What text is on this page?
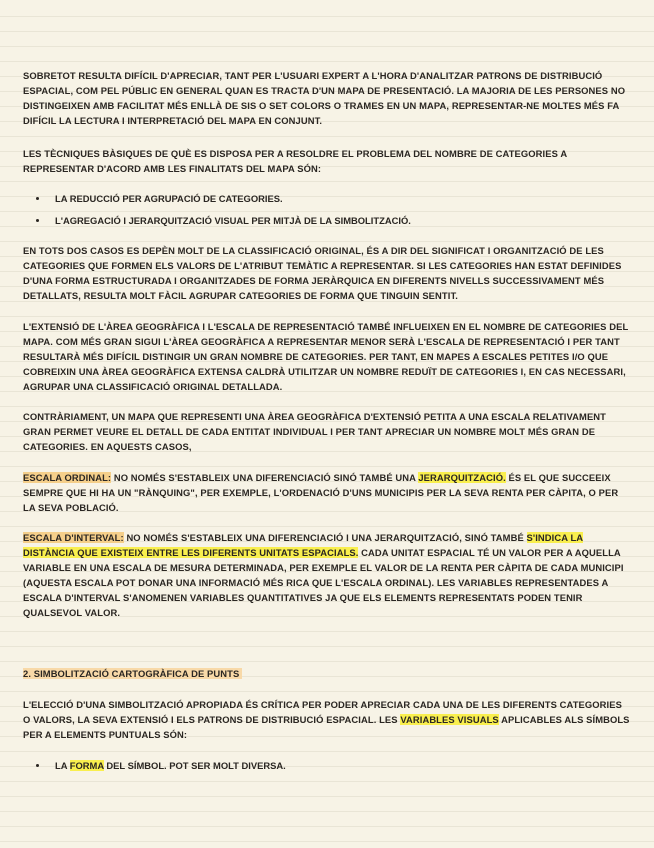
SOBRETOT RESULTA DIFÍCIL D'APRECIAR, TANT PER L'USUARI EXPERT A L'HORA D'ANALITZAR PATRONS DE DISTRIBUCIÓ ESPACIAL, COM PEL PÚBLIC EN GENERAL QUAN ES TRACTA D'UN MAPA DE PRESENTACIÓ. LA MAJORIA DE LES PERSONES NO DISTINGEIXEN AMB FACILITAT MÉS ENLLÀ DE SIS O SET COLORS O TRAMES EN UN MAPA, REPRESENTAR-NE MOLTES MÉS FA DIFÍCIL LA LECTURA I INTERPRETACIÓ DEL MAPA EN CONJUNT.

LES TÈCNIQUES BÀSIQUES DE QUÈ ES DISPOSA PER A RESOLDRE EL PROBLEMA DEL NOMBRE DE CATEGORIES A REPRESENTAR D'ACORD AMB LES FINALITATS DEL MAPA SÓN:

LA REDUCCIÓ PER AGRUPACIÓ DE CATEGORIES.
L'AGREGACIÓ I JERARQUITZACIÓ VISUAL PER MITJÀ DE LA SIMBOLITZACIÓ.

EN TOTS DOS CASOS ES DEPÈN MOLT DE LA CLASSIFICACIÓ ORIGINAL, ÉS A DIR DEL SIGNIFICAT I ORGANITZACIÓ DE LES CATEGORIES QUE FORMEN ELS VALORS DE L'ATRIBUT TEMÀTIC A REPRESENTAR. SI LES CATEGORIES HAN ESTAT DEFINIDES D'UNA FORMA ESTRUCTURADA I ORGANITZADES DE FORMA JERÀRQUICA EN DIFERENTS NIVELLS SUCCESSIVAMENT MÉS DETALLATS, RESULTA MOLT FÀCIL AGRUPAR CATEGORIES DE FORMA QUE TINGUIN SENTIT.

L'EXTENSIÓ DE L'ÀREA GEOGRÀFICA I L'ESCALA DE REPRESENTACIÓ TAMBÉ INFLUEIXEN EN EL NOMBRE DE CATEGORIES DEL MAPA. COM MÉS GRAN SIGUI L'ÀREA GEOGRÀFICA A REPRESENTAR MENOR SERÀ L'ESCALA DE REPRESENTACIÓ I PER TANT RESULTARÀ MÉS DIFÍCIL DISTINGIR UN GRAN NOMBRE DE CATEGORIES. PER TANT, EN MAPES A ESCALES PETITES I/O QUE COBREIXIN UNA ÀREA GEOGRÀFICA EXTENSA CALDRÀ UTILITZAR UN NOMBRE REDUÏT DE CATEGORIES I, EN CAS NECESSARI, AGRUPAR UNA CLASSIFICACIÓ ORIGINAL DETALLADA.

CONTRÀRIAMENT, UN MAPA QUE REPRESENTI UNA ÀREA GEOGRÀFICA D'EXTENSIÓ PETITA A UNA ESCALA RELATIVAMENT GRAN PERMET VEURE EL DETALL DE CADA ENTITAT INDIVIDUAL I PER TANT APRECIAR UN NOMBRE MOLT MÉS GRAN DE CATEGORIES. EN AQUESTS CASOS,

ESCALA ORDINAL: NO NOMÉS S'ESTABLEIX UNA DIFERENCIACIÓ SINÓ TAMBÉ UNA JERARQUITZACIÓ. ÉS EL QUE SUCCEEIX SEMPRE QUE HI HA UN "RÀNQUING", PER EXEMPLE, L'ORDENACIÓ D'UNS MUNICIPIS PER LA SEVA RENTA PER CÀPITA, O PER LA SEVA POBLACIÓ.

ESCALA D'INTERVAL: NO NOMÉS S'ESTABLEIX UNA DIFERENCIACIÓ I UNA JERARQUITZACIÓ, SINÓ TAMBÉ S'INDICA LA DISTÀNCIA QUE EXISTEIX ENTRE LES DIFERENTS UNITATS ESPACIALS. CADA UNITAT ESPACIAL TÉ UN VALOR PER A AQUELLA VARIABLE EN UNA ESCALA DE MESURA DETERMINADA, PER EXEMPLE EL VALOR DE LA RENTA PER CÀPITA DE CADA MUNICIPI (AQUESTA ESCALA POT DONAR UNA INFORMACIÓ MÉS RICA QUE L'ESCALA ORDINAL). LES VARIABLES REPRESENTADES A ESCALA D'INTERVAL S'ANOMENEN VARIABLES QUANTITATIVES JA QUE ELS ELEMENTS REPRESENTATS PODEN TENIR QUALSEVOL VALOR.

2. SIMBOLITZACIÓ CARTOGRÀFICA DE PUNTS

L'ELECCIÓ D'UNA SIMBOLITZACIÓ APROPIADA ÉS CRÍTICA PER PODER APRECIAR CADA UNA DE LES DIFERENTS CATEGORIES O VALORS, LA SEVA EXTENSIÓ I ELS PATRONS DE DISTRIBUCIÓ ESPACIAL. LES VARIABLES VISUALS APLICABLES ALS SÍMBOLS PER A ELEMENTS PUNTUALS SÓN:

LA FORMA DEL SÍMBOL. POT SER MOLT DIVERSA.
